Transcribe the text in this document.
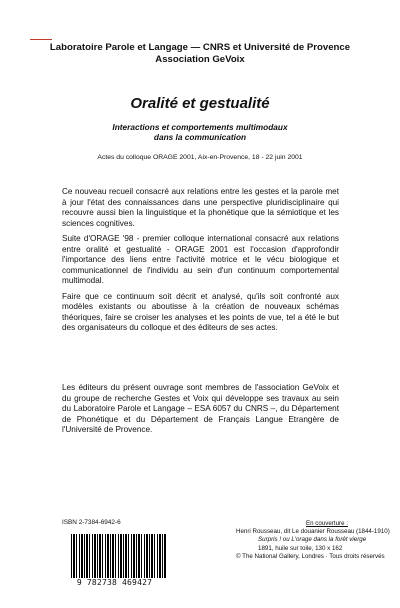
Laboratoire Parole et Langage — CNRS et Université de Provence
Association GeVoix
Oralité et gestualité
Interactions et comportements multimodaux
dans la communication
Actes du colloque ORAGE 2001, Aix-en-Provence, 18 - 22 juin 2001

Ce nouveau recueil consacré aux relations entre les gestes et la parole met à jour l'état des connaissances dans une perspective pluridisciplinaire qui recouvre aussi bien la linguistique et la phonétique que la sémiotique et les sciences cognitives.

Suite d'ORAGE '98 - premier colloque international consacré aux relations entre oralité et gestualité - ORAGE 2001 est l'occasion d'approfondir l'importance des liens entre l'activité motrice et le vécu biologique et communicationnel de l'individu au sein d'un continuum comportemental multimodal.

Faire que ce continuum soit décrit et analysé, qu'ils soit confronté aux modèles existants ou aboutisse à la création de nouveaux schémas théoriques, faire se croiser les analyses et les points de vue, tel a été le but des organisateurs du colloque et des éditeurs de ses actes.

Les éditeurs du présent ouvrage sont membres de l'association GeVoix et du groupe de recherche Gestes et Voix qui développe ses travaux au sein du Laboratoire Parole et Langage – ESA 6057 du CNRS –, du Département de Phonétique et du Département de Français Langue Etrangère de l'Université de Provence.

ISBN 2-7384-6942-6
9 782738 469427
En couverture :
Henri Rousseau, dit Le douanier Rousseau (1844-1910)
Surpris ! ou L'orage dans la forêt vierge
1891, huile sur toile, 130 x 162
© The National Gallery, Londres · Tous droits réservés
